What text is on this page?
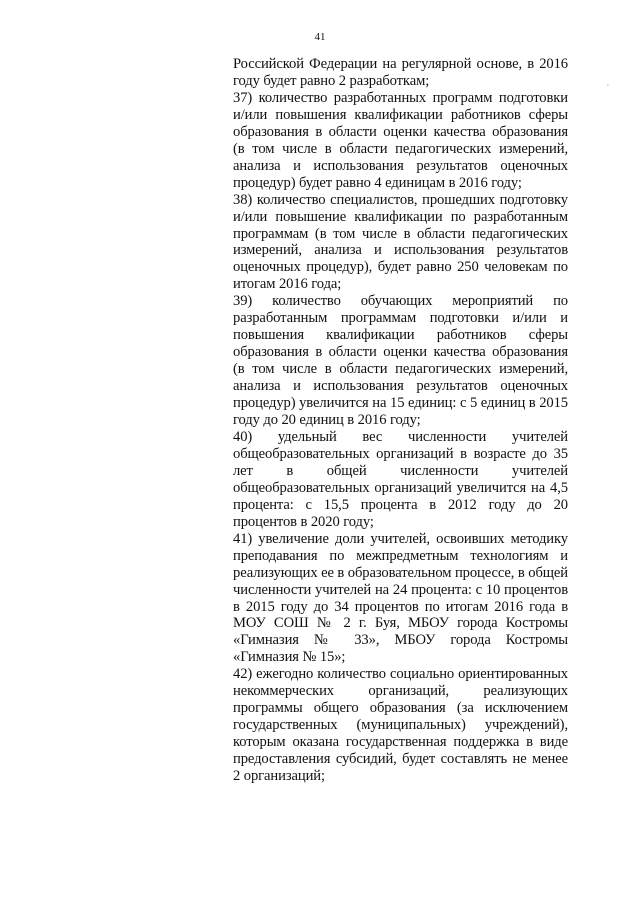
41
‘

Российской Федерации на регулярной основе, в 2016 году будет равно 2 разработкам;

37) количество разработанных программ подготовки и/или повышения квалификации работников сферы образования в области оценки качества образования (в том числе в области педагогических измерений, анализа и использования результатов оценочных процедур) будет равно 4 единицам в 2016 году;

38) количество специалистов, прошедших подготовку и/или повышение квалификации по разработанным программам (в том числе в области педагогических измерений, анализа и использования результатов оценочных процедур), будет равно 250 человекам по итогам 2016 года;

39) количество обучающих мероприятий по разработанным программам подготовки и/или и повышения квалификации работников сферы образования в области оценки качества образования (в том числе в области педагогических измерений, анализа и использования результатов оценочных процедур) увеличится на 15 единиц: с 5 единиц в 2015 году до 20 единиц в 2016 году;

40) удельный вес численности учителей общеобразовательных организаций в возрасте до 35 лет в общей численности учителей общеобразовательных организаций увеличится на 4,5 процента: с 15,5 процента в 2012 году до 20 процентов в 2020 году;

41) увеличение доли учителей, освоивших методику преподавания по межпредметным технологиям и реализующих ее в образовательном процессе, в общей численности учителей на 24 процента: с 10 процентов в 2015 году до 34 процентов по итогам 2016 года в МОУ СОШ № 2 г. Буя, МБОУ города Костромы «Гимназия № 33», МБОУ города Костромы «Гимназия № 15»;

42) ежегодно количество социально ориентированных некоммерческих организаций, реализующих программы общего образования (за исключением государственных (муниципальных) учреждений), которым оказана государственная поддержка в виде предоставления субсидий, будет составлять не менее 2 организаций;
